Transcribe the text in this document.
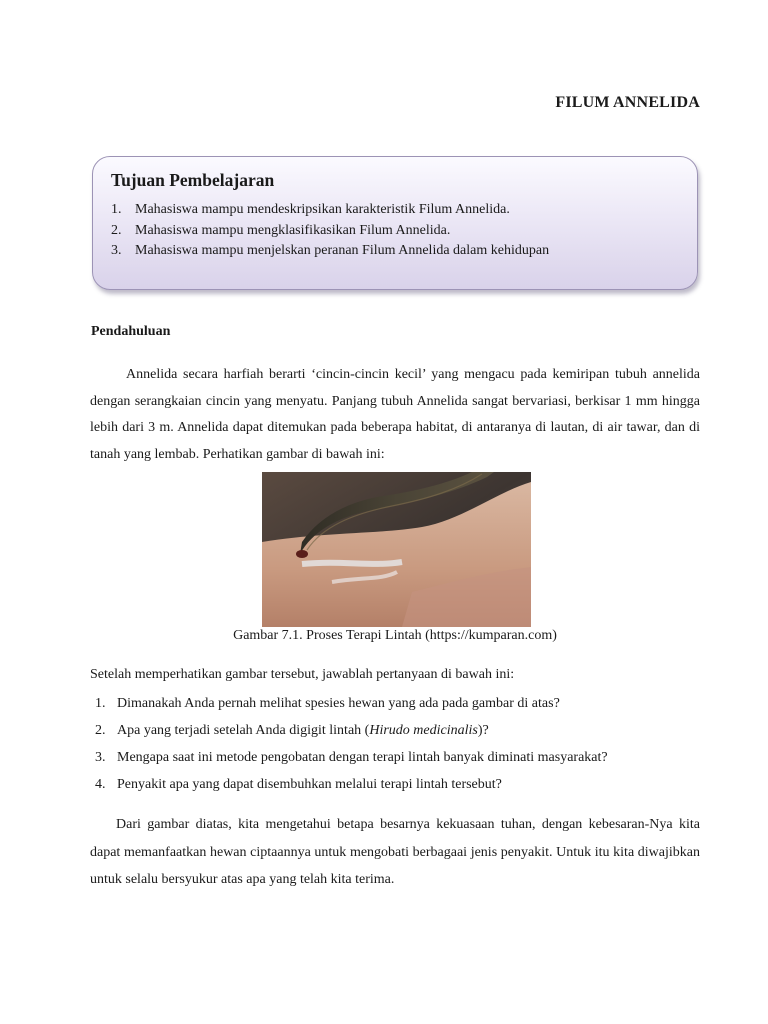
FILUM ANNELIDA
Tujuan Pembelajaran
1. Mahasiswa mampu mendeskripsikan karakteristik Filum Annelida.
2. Mahasiswa mampu mengklasifikasikan Filum Annelida.
3. Mahasiswa mampu menjelskan peranan Filum Annelida dalam kehidupan
Pendahuluan

Annelida secara harfiah berarti ‘cincin-cincin kecil’ yang mengacu pada kemiripan tubuh annelida dengan serangkaian cincin yang menyatu. Panjang tubuh Annelida sangat bervariasi, berkisar 1 mm hingga lebih dari 3 m. Annelida dapat ditemukan pada beberapa habitat, di antaranya di lautan, di air tawar, dan di tanah yang lembab. Perhatikan gambar di bawah ini:

Gambar 7.1. Proses Terapi Lintah (https://kumparan.com)
Setelah memperhatikan gambar tersebut, jawablah pertanyaan di bawah ini:
1. Dimanakah Anda pernah melihat spesies hewan yang ada pada gambar di atas?
2. Apa yang terjadi setelah Anda digigit lintah (Hirudo medicinalis)?
3. Mengapa saat ini metode pengobatan dengan terapi lintah banyak diminati masyarakat?
4. Penyakit apa yang dapat disembuhkan melalui terapi lintah tersebut?

Dari gambar diatas, kita mengetahui betapa besarnya kekuasaan tuhan, dengan kebesaran-Nya kita dapat memanfaatkan hewan ciptaannya untuk mengobati berbagaai jenis penyakit. Untuk itu kita diwajibkan untuk selalu bersyukur atas apa yang telah kita terima.
